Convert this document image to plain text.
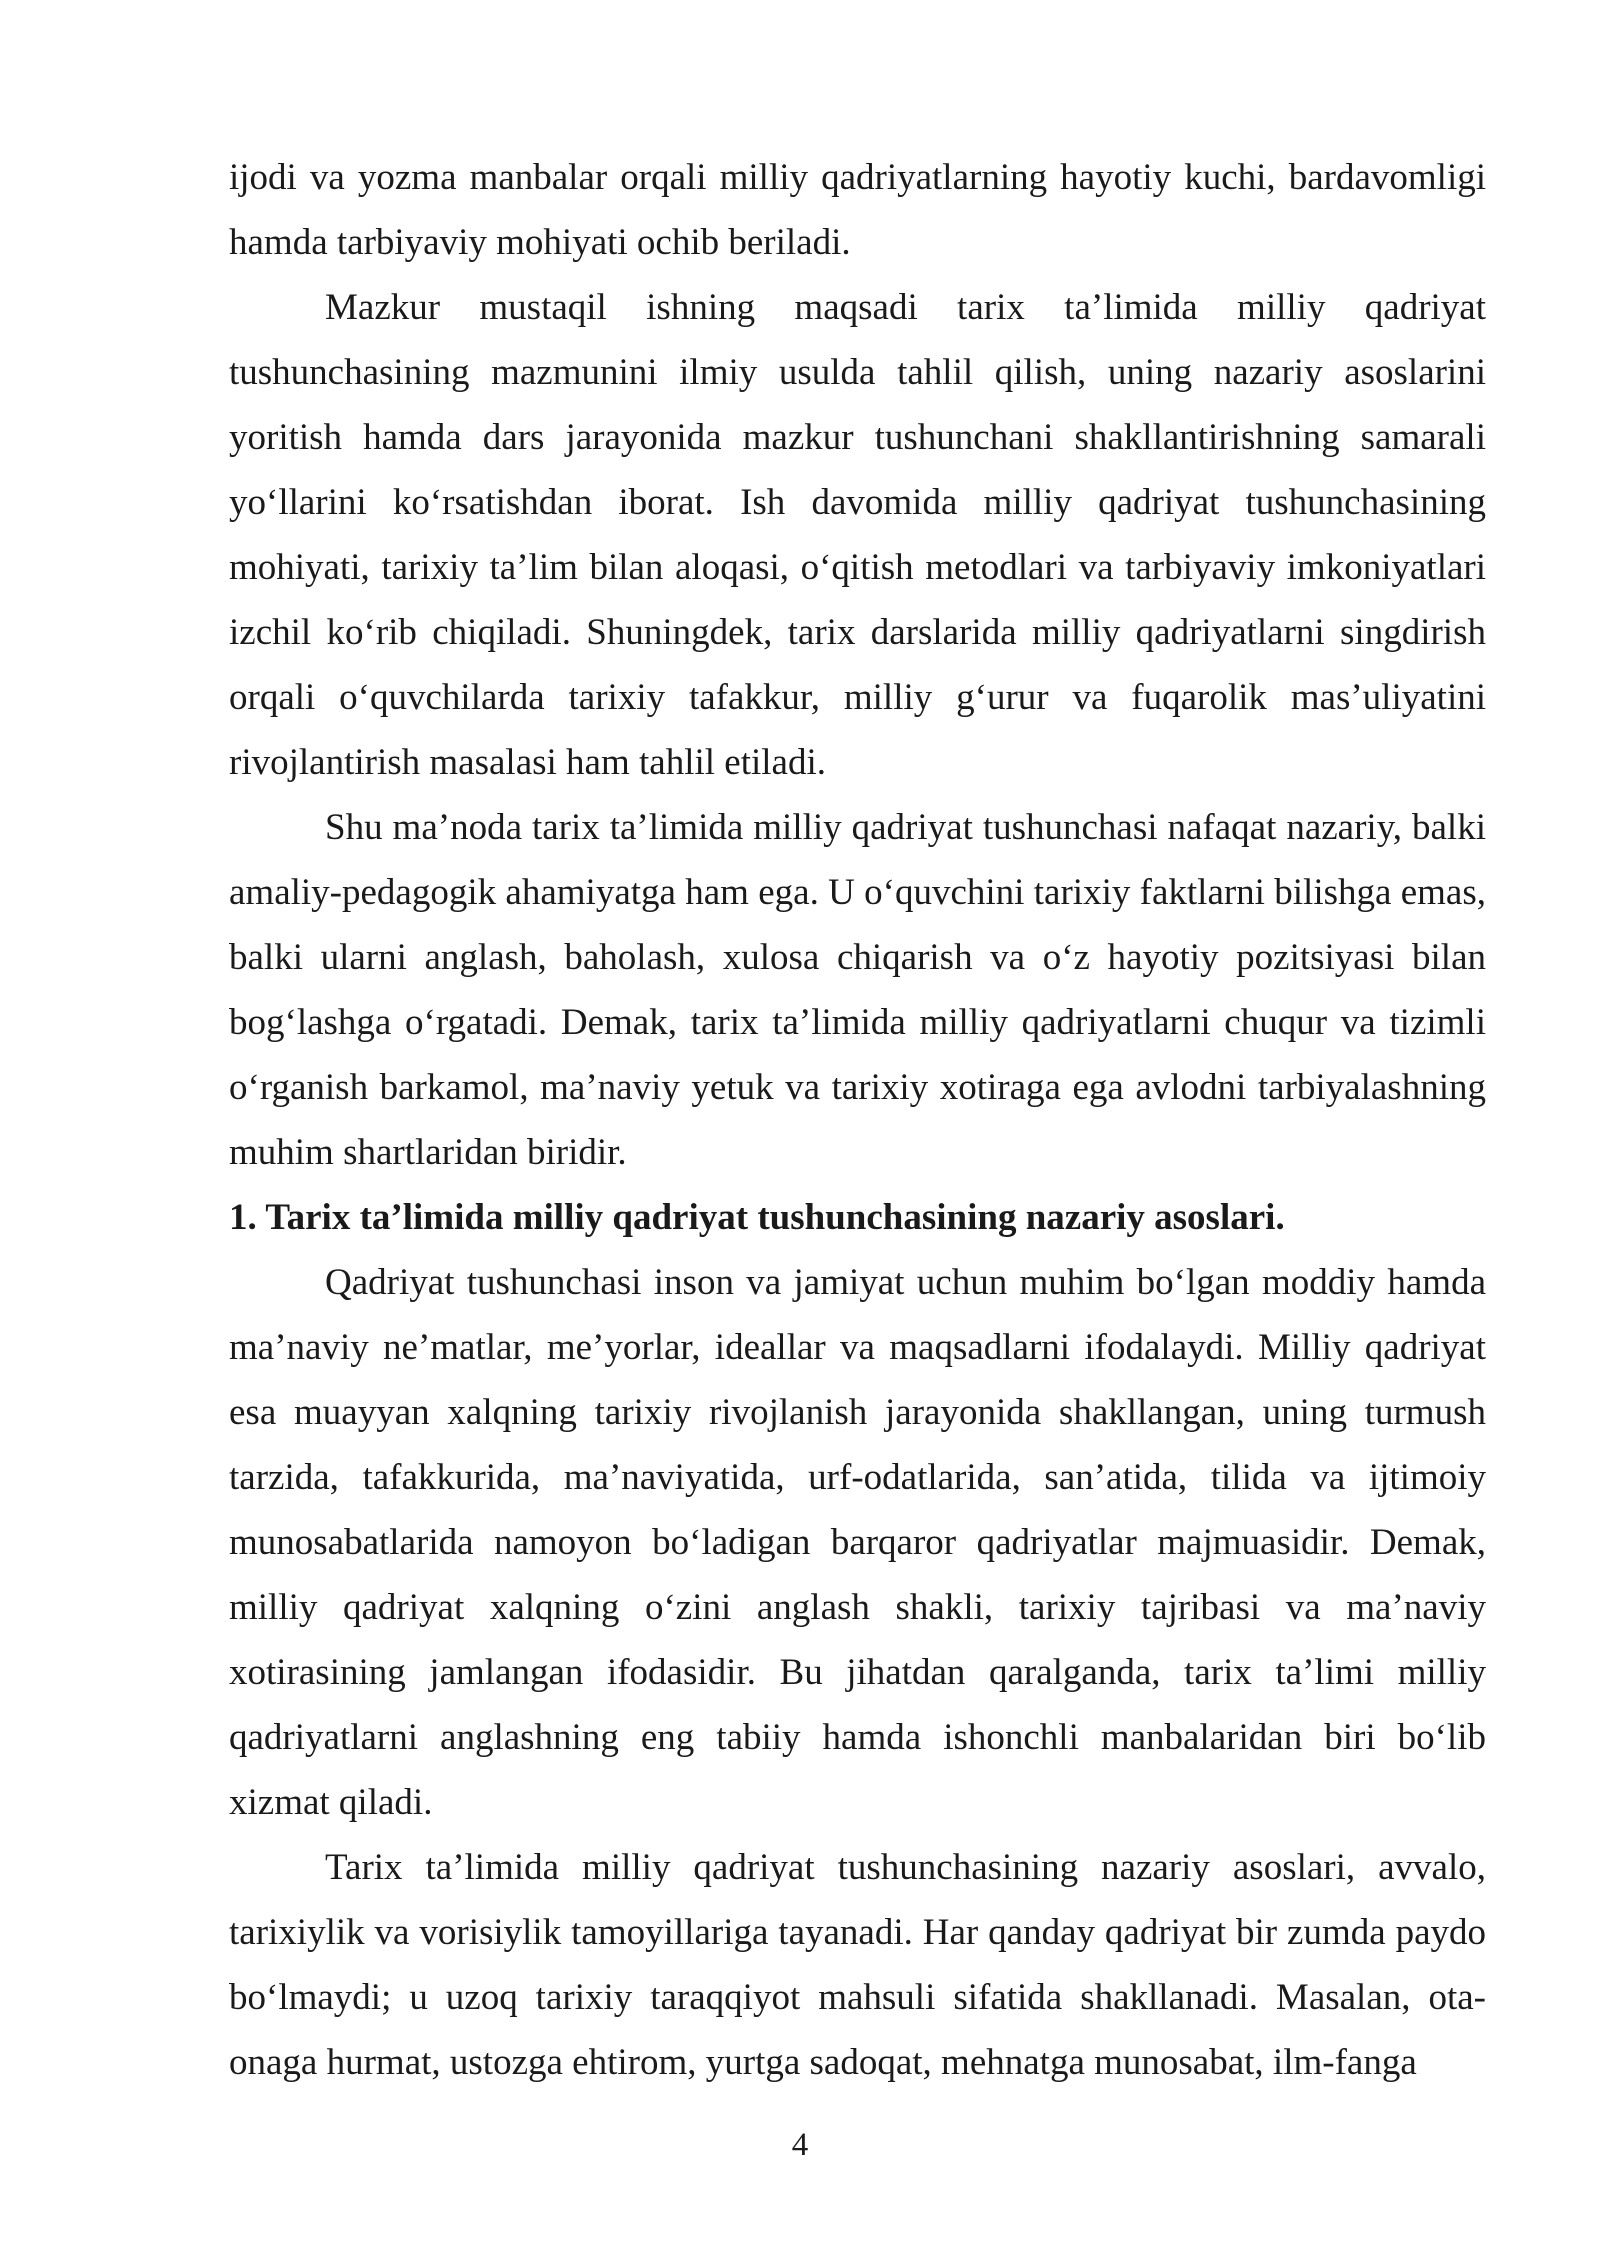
ijodi va yozma manbalar orqali milliy qadriyatlarning hayotiy kuchi, bardavomligi hamda tarbiyaviy mohiyati ochib beriladi.

Mazkur mustaqil ishning maqsadi tarix ta’limida milliy qadriyat tushunchasining mazmunini ilmiy usulda tahlil qilish, uning nazariy asoslarini yoritish hamda dars jarayonida mazkur tushunchani shakllantirishning samarali yo‘llarini ko‘rsatishdan iborat. Ish davomida milliy qadriyat tushunchasining mohiyati, tarixiy ta’lim bilan aloqasi, o‘qitish metodlari va tarbiyaviy imkoniyatlari izchil ko‘rib chiqiladi. Shuningdek, tarix darslarida milliy qadriyatlarni singdirish orqali o‘quvchilarda tarixiy tafakkur, milliy g‘urur va fuqarolik mas’uliyatini rivojlantirish masalasi ham tahlil etiladi.

Shu ma’noda tarix ta’limida milliy qadriyat tushunchasi nafaqat nazariy, balki amaliy-pedagogik ahamiyatga ham ega. U o‘quvchini tarixiy faktlarni bilishga emas, balki ularni anglash, baholash, xulosa chiqarish va o‘z hayotiy pozitsiyasi bilan bog‘lashga o‘rgatadi. Demak, tarix ta’limida milliy qadriyatlarni chuqur va tizimli o‘rganish barkamol, ma’naviy yetuk va tarixiy xotiraga ega avlodni tarbiyalashning muhim shartlaridan biridir.

1. Tarix ta’limida milliy qadriyat tushunchasining nazariy asoslari.

Qadriyat tushunchasi inson va jamiyat uchun muhim bo‘lgan moddiy hamda ma’naviy ne’matlar, me’yorlar, ideallar va maqsadlarni ifodalaydi. Milliy qadriyat esa muayyan xalqning tarixiy rivojlanish jarayonida shakllangan, uning turmush tarzida, tafakkurida, ma’naviyatida, urf-odatlarida, san’atida, tilida va ijtimoiy munosabatlarida namoyon bo‘ladigan barqaror qadriyatlar majmuasidir. Demak, milliy qadriyat xalqning o‘zini anglash shakli, tarixiy tajribasi va ma’naviy xotirasining jamlangan ifodasidir. Bu jihatdan qaralganda, tarix ta’limi milliy qadriyatlarni anglashning eng tabiiy hamda ishonchli manbalaridan biri bo‘lib xizmat qiladi.

Tarix ta’limida milliy qadriyat tushunchasining nazariy asoslari, avvalo, tarixiylik va vorisiylik tamoyillariga tayanadi. Har qanday qadriyat bir zumda paydo bo‘lmaydi; u uzoq tarixiy taraqqiyot mahsuli sifatida shakllanadi. Masalan, ota-onaga hurmat, ustozga ehtirom, yurtga sadoqat, mehnatga munosabat, ilm-fanga

4
